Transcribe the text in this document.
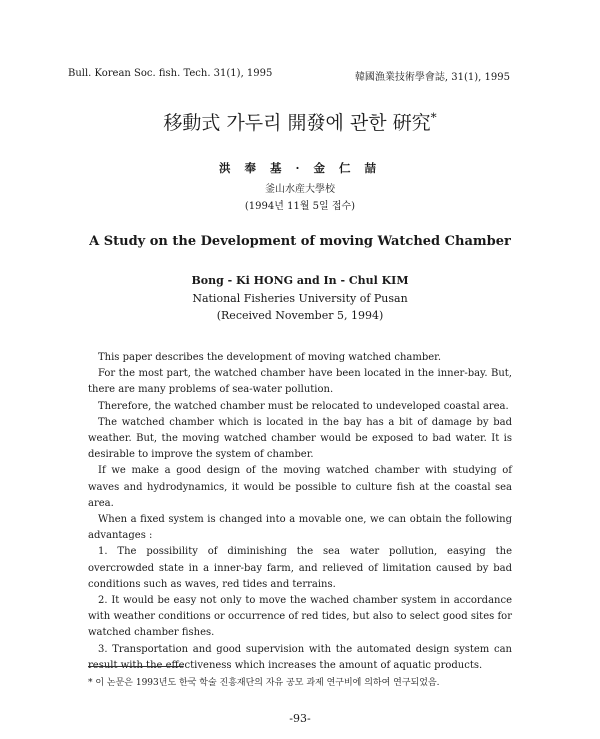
Bull. Korean Soc. fish. Tech. 31(1), 1995	韓國漁業技術學會誌, 31(1), 1995
移動式 가두리 開發에 관한 硏究*
洪 奉 基 · 金 仁 喆
釜山水産大學校
(1994년 11월 5일 접수)
A Study on the Development of moving Watched Chamber
Bong - Ki HONG and In - Chul KIM
National Fisheries University of Pusan
(Received November 5, 1994)

This paper describes the development of moving watched chamber.

For the most part, the watched chamber have been located in the inner-bay. But, there are many problems of sea-water pollution.

Therefore, the watched chamber must be relocated to undeveloped coastal area.

The watched chamber which is located in the bay has a bit of damage by bad weather. But, the moving watched chamber would be exposed to bad water. It is desirable to improve the system of chamber.

If we make a good design of the moving watched chamber with studying of waves and hydrodynamics, it would be possible to culture fish at the coastal sea area.

When a fixed system is changed into a movable one, we can obtain the following advantages :

1. The possibility of diminishing the sea water pollution, easying the overcrowded state in a inner-bay farm, and relieved of limitation caused by bad conditions such as waves, red tides and terrains.

2. It would be easy not only to move the wached chamber system in accordance with weather conditions or occurrence of red tides, but also to select good sites for watched chamber fishes.

3. Transportation and good supervision with the automated design system can result with the effectiveness which increases the amount of aquatic products.

* 이 논문은 1993년도 한국 학술 진흥재단의 자유 공모 과제 연구비에 의하여 연구되었음.
-93-
